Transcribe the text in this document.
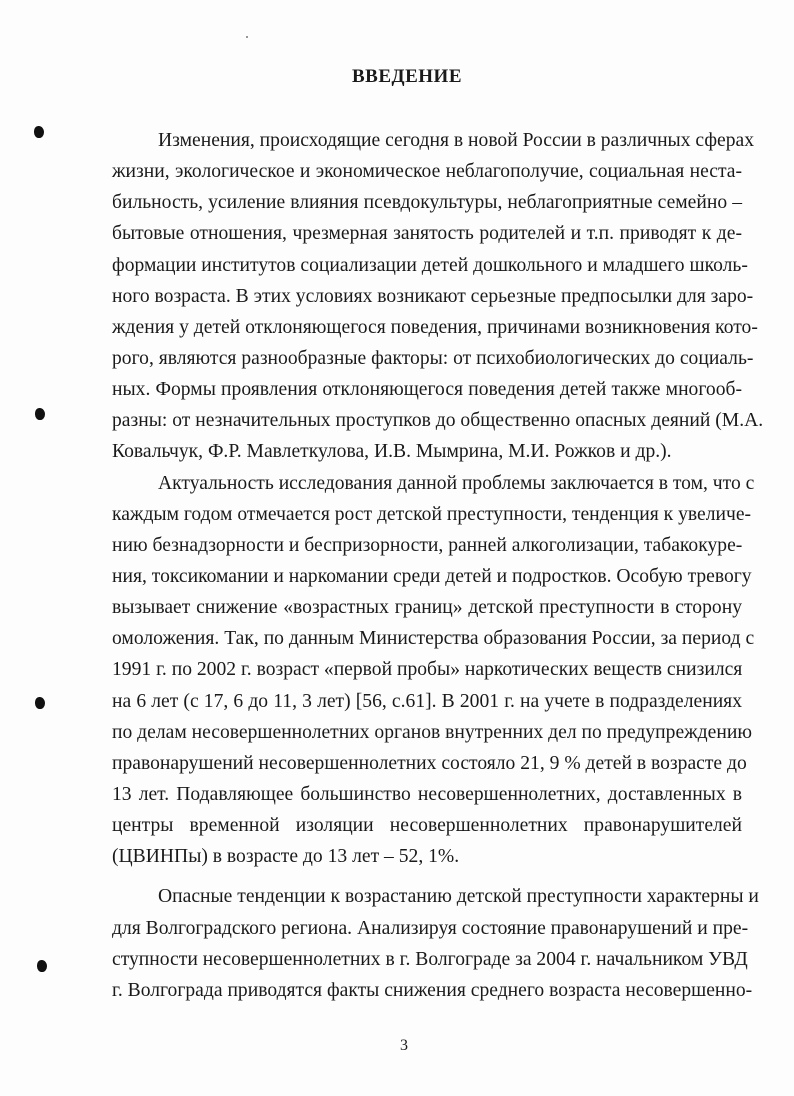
ВВЕДЕНИЕ
Изменения, происходящие сегодня в новой России в различных сферах
жизни, экологическое и экономическое неблагополучие, социальная неста-
бильность, усиление влияния псевдокультуры, неблагоприятные семейно –
бытовые отношения, чрезмерная занятость родителей и т.п. приводят к де-
формации институтов социализации детей дошкольного и младшего школь-
ного возраста. В этих условиях возникают серьезные предпосылки для заро-
ждения у детей отклоняющегося поведения, причинами возникновения кото-
рого, являются разнообразные факторы: от психобиологических до социаль-
ных. Формы проявления отклоняющегося поведения детей также многооб-
разны: от незначительных проступков до общественно опасных деяний (М.А.
Ковальчук, Ф.Р. Мавлеткулова, И.В. Мымрина, М.И. Рожков и др.).
Актуальность исследования данной проблемы заключается в том, что с
каждым годом отмечается рост детской преступности, тенденция к увеличе-
нию безнадзорности и беспризорности, ранней алкоголизации, табакокуре-
ния, токсикомании и наркомании среди детей и подростков. Особую тревогу
вызывает снижение «возрастных границ» детской преступности в сторону
омоложения. Так, по данным Министерства образования России, за период с
1991 г. по 2002 г. возраст «первой пробы» наркотических веществ снизился
на 6 лет (с 17, 6 до 11, 3 лет) [56, с.61]. В 2001 г. на учете в подразделениях
по делам несовершеннолетних органов внутренних дел по предупреждению
правонарушений несовершеннолетних состояло 21, 9 % детей в возрасте до
13 лет. Подавляющее большинство несовершеннолетних, доставленных в
центры временной изоляции несовершеннолетних правонарушителей
(ЦВИНПы) в возрасте до 13 лет – 52, 1%.
Опасные тенденции к возрастанию детской преступности характерны и
для Волгоградского региона. Анализируя состояние правонарушений и пре-
ступности несовершеннолетних в г. Волгограде за 2004 г. начальником УВД
г. Волгограда приводятся факты снижения среднего возраста несовершенно-
3
